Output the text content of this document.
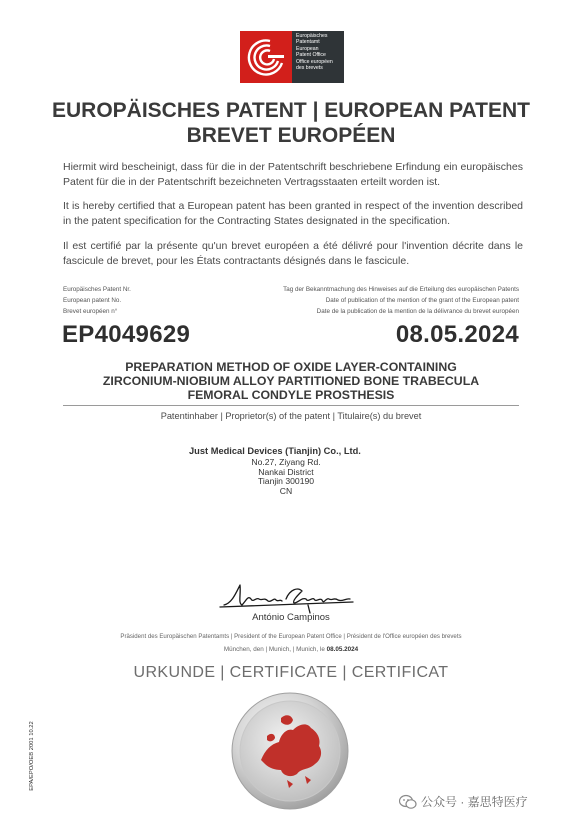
Europäisches
Patentamt
European
Patent Office
Office européen
des brevets
EUROPÄISCHES PATENT | EUROPEAN PATENT
BREVET EUROPÉEN
Hiermit wird bescheinigt, dass für die in der Patentschrift beschriebene Erfindung ein europäisches Patent für die in der Patentschrift bezeichneten Vertragsstaaten erteilt worden ist.
It is hereby certified that a European patent has been granted in respect of the invention described in the patent specification for the Contracting States designated in the specification.
Il est certifié par la présente qu'un brevet européen a été délivré pour l'invention décrite dans le fascicule de brevet, pour les États contractants désignés dans le fascicule.
Europäisches Patent Nr.
European patent No.
Brevet européen n°
Tag der Bekanntmachung des Hinweises auf die Erteilung des europäischen Patents
Date of publication of the mention of the grant of the European patent
Date de la publication de la mention de la délivrance du brevet européen
EP4049629	08.05.2024
PREPARATION METHOD OF OXIDE LAYER-CONTAINING
ZIRCONIUM-NIOBIUM ALLOY PARTITIONED BONE TRABECULA
FEMORAL CONDYLE PROSTHESIS
Patentinhaber | Proprietor(s) of the patent | Titulaire(s) du brevet
Just Medical Devices (Tianjin) Co., Ltd.
No.27, Ziyang Rd.
Nankai District
Tianjin 300190
CN
António Campinos
Präsident des Europäischen Patentamts | President of the European Patent Office | Président de l'Office européen des brevets
München, den | Munich, | Munich, le 08.05.2024
URKUNDE | CERTIFICATE | CERTIFICAT
EPA/EPO/OEB 2001 10.22
公众号 · 嘉思特医疗
